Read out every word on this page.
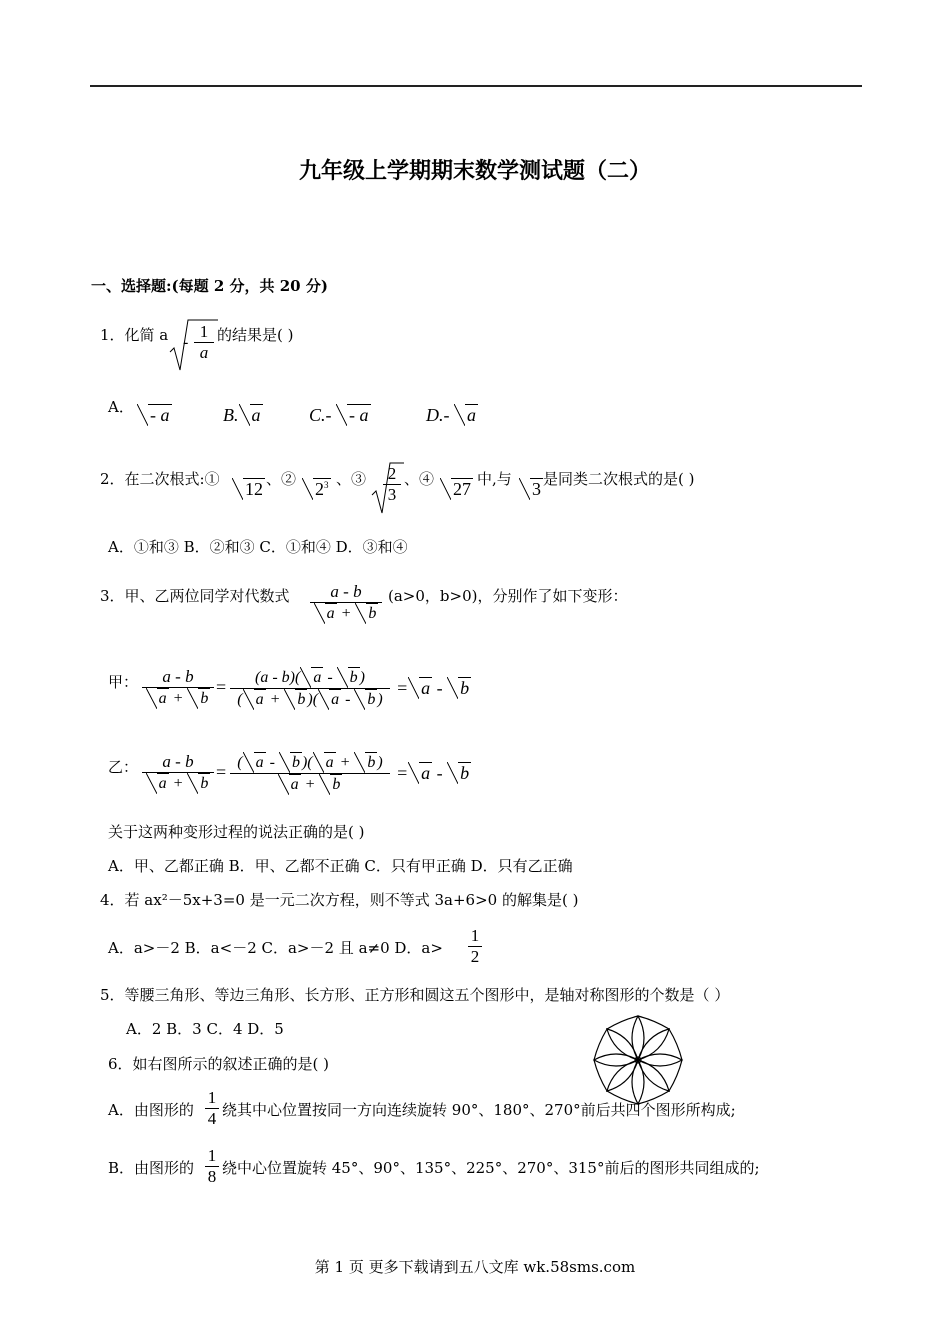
九年级上学期期末数学测试题（二）
一、选择题:(每题 2 分，共 20 分)
1．化简 a -
1
a
的结果是( )
A． - a	B. a	C.- - a	D.- a
2．在二次根式:①	12 、②	$2^3$ 、③ 2
3
、④	27 中,与	3 是同类二次根式的是( )
A．①和③ B．②和③ C．①和④ D．③和④
3．甲、乙两位同学对代数式	a - b
a + b
(a>0，b>0)，分别作了如下变形：
甲：	a - b
a + b
=	(a - b)( a - b )
( a + b )( a - b )
= a - b
乙：	a - b
a + b
= ( a - b )( a + b )
a + b
= a - b
关于这两种变形过程的说法正确的是( )
A．甲、乙都正确 B．甲、乙都不正确 C．只有甲正确 D．只有乙正确
4．若 ax²－5x+3=0 是一元二次方程，则不等式 3a+6>0 的解集是( )
A．a>－2 B．a<－2 C．a>－2 且 a≠0 D．a>
1
2
5．等腰三角形、等边三角形、长方形、正方形和圆这五个图形中，是轴对称图形的个数是（ ）
A．2 B．3 C．4 D．5
6．如右图所示的叙述正确的是( )
A．由图形的
1
4 绕其中心位置按同一方向连续旋转 90°、180°、270°前后共四个图形所构成;
B．由图形的
1
8 绕中心位置旋转 45°、90°、135°、225°、270°、315°前后的图形共同组成的;
第 1 页 更多下载请到五八文库 wk.58sms.com
